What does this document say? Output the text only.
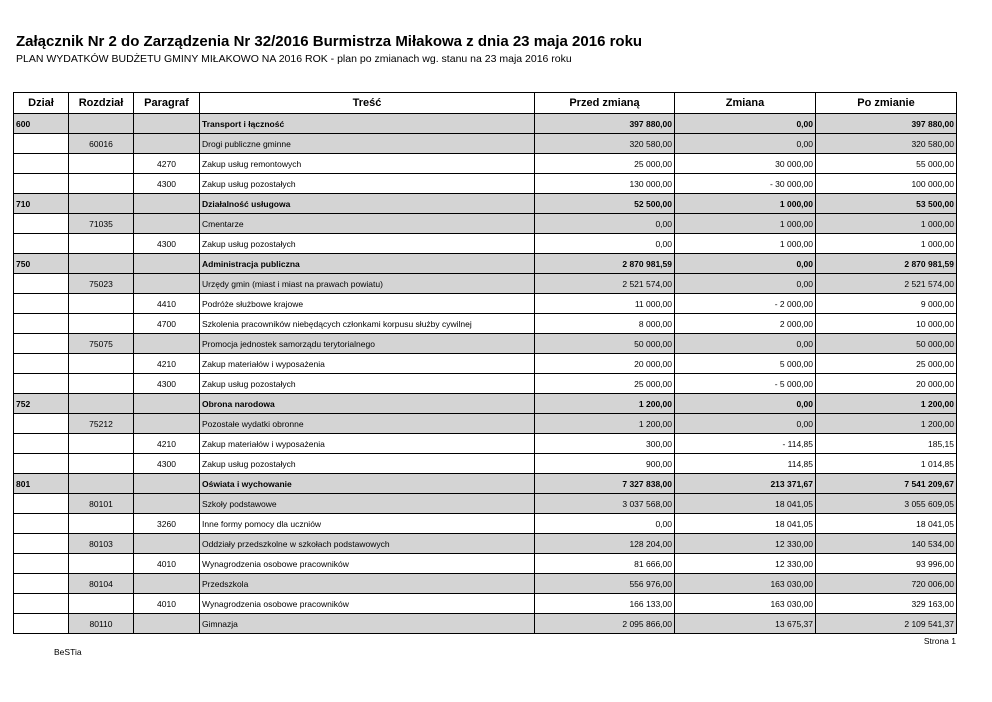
Załącznik Nr 2 do Zarządzenia Nr 32/2016 Burmistrza Miłakowa z dnia 23 maja 2016 roku
PLAN WYDATKÓW BUDŻETU GMINY MIŁAKOWO NA 2016 ROK - plan po zmianach wg. stanu na 23 maja 2016 roku
Dział	Rozdział	Paragraf	Treść	Przed zmianą	Zmiana	Po zmianie
600			Transport i łączność	397 880,00	0,00	397 880,00
	60016		Drogi publiczne gminne	320 580,00	0,00	320 580,00
		4270	Zakup usług remontowych	25 000,00	30 000,00	55 000,00
		4300	Zakup usług pozostałych	130 000,00	- 30 000,00	100 000,00
710			Działalność usługowa	52 500,00	1 000,00	53 500,00
	71035		Cmentarze	0,00	1 000,00	1 000,00
		4300	Zakup usług pozostałych	0,00	1 000,00	1 000,00
750			Administracja publiczna	2 870 981,59	0,00	2 870 981,59
	75023		Urzędy gmin (miast i miast na prawach powiatu)	2 521 574,00	0,00	2 521 574,00
		4410	Podróże służbowe krajowe	11 000,00	- 2 000,00	9 000,00
		4700	Szkolenia pracowników niebędących członkami korpusu służby cywilnej	8 000,00	2 000,00	10 000,00
	75075		Promocja jednostek samorządu terytorialnego	50 000,00	0,00	50 000,00
		4210	Zakup materiałów i wyposażenia	20 000,00	5 000,00	25 000,00
		4300	Zakup usług pozostałych	25 000,00	- 5 000,00	20 000,00
752			Obrona narodowa	1 200,00	0,00	1 200,00
	75212		Pozostałe wydatki obronne	1 200,00	0,00	1 200,00
		4210	Zakup materiałów i wyposażenia	300,00	- 114,85	185,15
		4300	Zakup usług pozostałych	900,00	114,85	1 014,85
801			Oświata i wychowanie	7 327 838,00	213 371,67	7 541 209,67
	80101		Szkoły podstawowe	3 037 568,00	18 041,05	3 055 609,05
		3260	Inne formy pomocy dla uczniów	0,00	18 041,05	18 041,05
	80103		Oddziały przedszkolne w szkołach podstawowych	128 204,00	12 330,00	140 534,00
		4010	Wynagrodzenia osobowe pracowników	81 666,00	12 330,00	93 996,00
	80104		Przedszkola	556 976,00	163 030,00	720 006,00
		4010	Wynagrodzenia osobowe pracowników	166 133,00	163 030,00	329 163,00
	80110		Gimnazja	2 095 866,00	13 675,37	2 109 541,37
Strona 1
BeSTia
